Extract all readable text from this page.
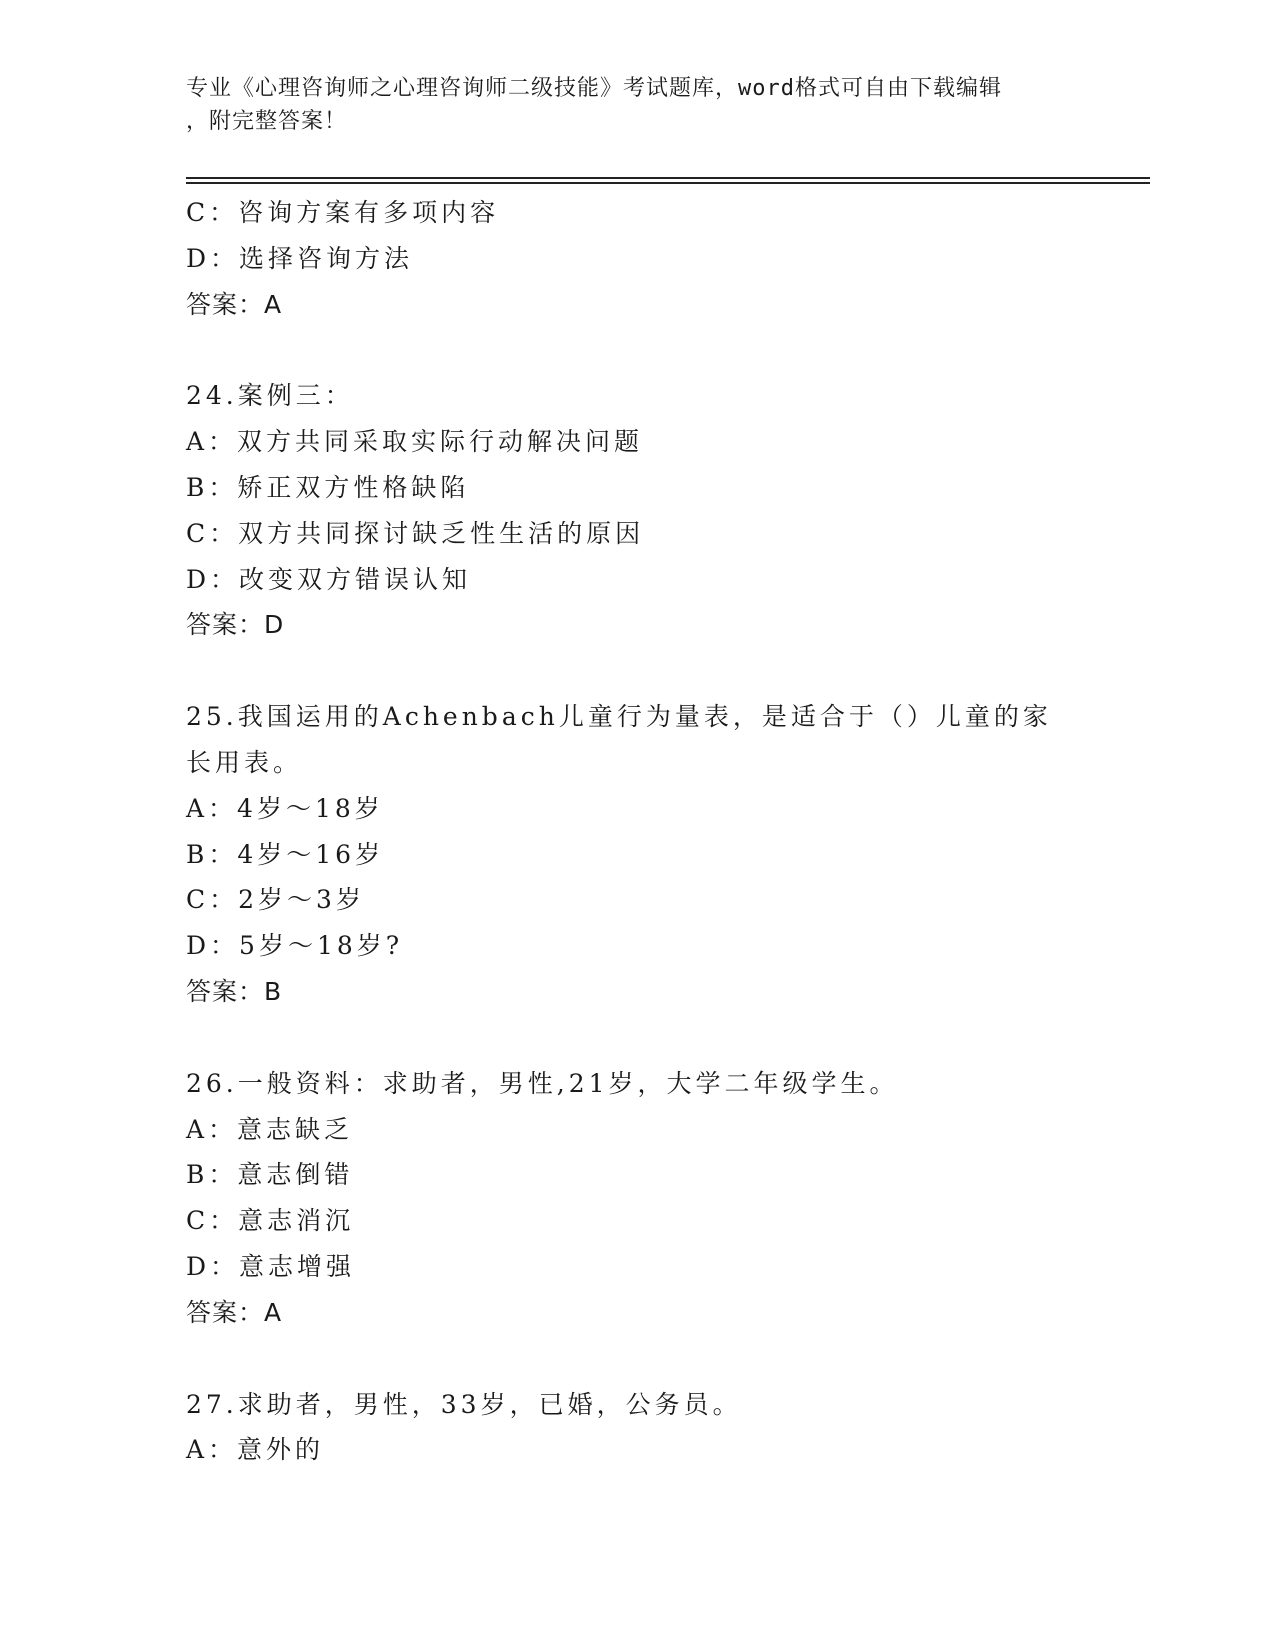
专业《心理咨询师之心理咨询师二级技能》考试题库，word格式可自由下载编辑
，附完整答案！
C：咨询方案有多项内容
D：选择咨询方法
答案：A
24.案例三：
A：双方共同采取实际行动解决问题
B：矫正双方性格缺陷
C：双方共同探讨缺乏性生活的原因
D：改变双方错误认知
答案：D
25.我国运用的Achenbach儿童行为量表，是适合于（）儿童的家长用表。
A：4岁～18岁
B：4岁～16岁
C：2岁～3岁
D：5岁～18岁?
答案：B
26.一般资料：求助者，男性,21岁，大学二年级学生。
A：意志缺乏
B：意志倒错
C：意志消沉
D：意志增强
答案：A
27.求助者，男性，33岁，已婚，公务员。
A：意外的
